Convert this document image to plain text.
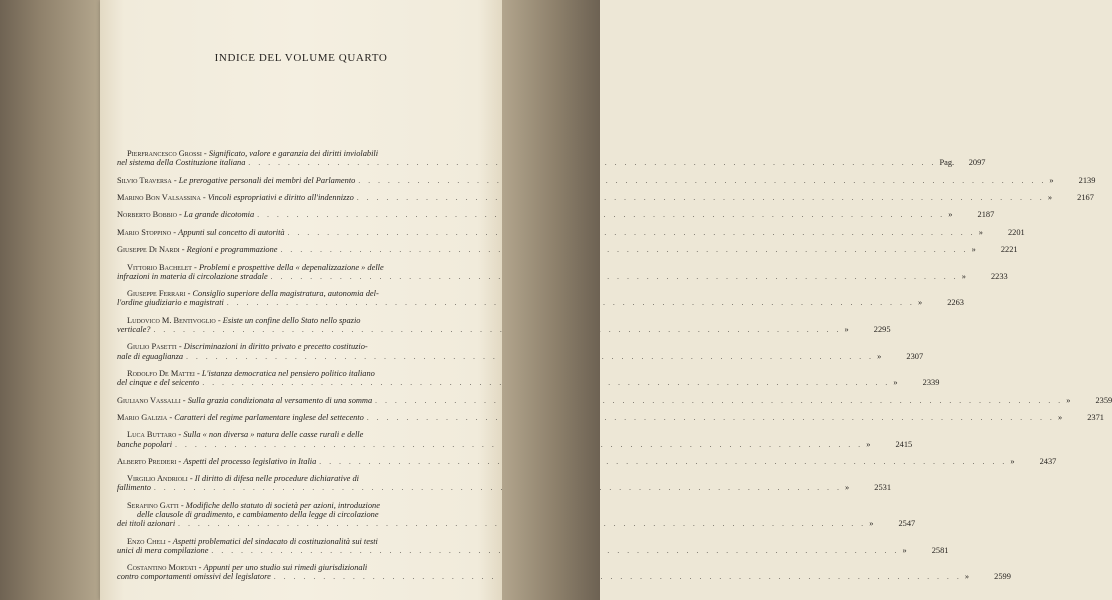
INDICE DEL VOLUME QUARTO
Pierfrancesco Grossi - Significato, valore e garanzia dei diritti inviolabili
nel sistema della Costituzione italiana . . .	Pag.	2097
Silvio Traversa - Le prerogative personali dei membri del Parlamento . . .	»	2139
Marino Bon Valsassina - Vincoli espropriativi e diritto all'indennizzo . . .	»	2167
Norberto Bobbio - La grande dicotomia . . .	»	2187
Mario Stoppino - Appunti sul concetto di autorità . . .	»	2201
Giuseppe Di Nardi - Regioni e programmazione . . .	»	2221
Vittorio Bachelet - Problemi e prospettive della « depenalizzazione » delle
infrazioni in materia di circolazione stradale . . .	»	2233
Giuseppe Ferrari - Consiglio superiore della magistratura, autonomia del-
l'ordine giudiziario e magistrati . . .	»	2263
Ludovico M. Bentivoglio - Esiste un confine dello Stato nello spazio
verticale? . . .	»	2295
Giulio Pasetti - Discriminazioni in diritto privato e precetto costituzio-
nale di eguaglianza . . .	»	2307
Rodolfo De Mattei - L'istanza democratica nel pensiero politico italiano
del cinque e del seicento . . .	»	2339
Giuliano Vassalli - Sulla grazia condizionata al versamento di una somma . . .	»	2359
Mario Galizia - Caratteri del regime parlamentare inglese del settecento . . .	»	2371
Luca Buttaro - Sulla « non diversa » natura delle casse rurali e delle
banche popolari . . .	»	2415
Alberto Predieri - Aspetti del processo legislativo in Italia . . .	»	2437
Virgilio Andrioli - Il diritto di difesa nelle procedure dichiarative di
fallimento . . .	»	2531
Serafino Gatti - Modifiche dello statuto di società per azioni, introduzione
delle clausole di gradimento, e cambiamento della legge di circolazione
dei titoli azionari . . .	»	2547
Enzo Cheli - Aspetti problematici del sindacato di costituzionalità sui testi
unici di mera compilazione . . .	»	2581
Costantino Mortati - Appunti per uno studio sui rimedi giurisdizionali
contro comportamenti omissivi del legislatore . . .	»	2599
